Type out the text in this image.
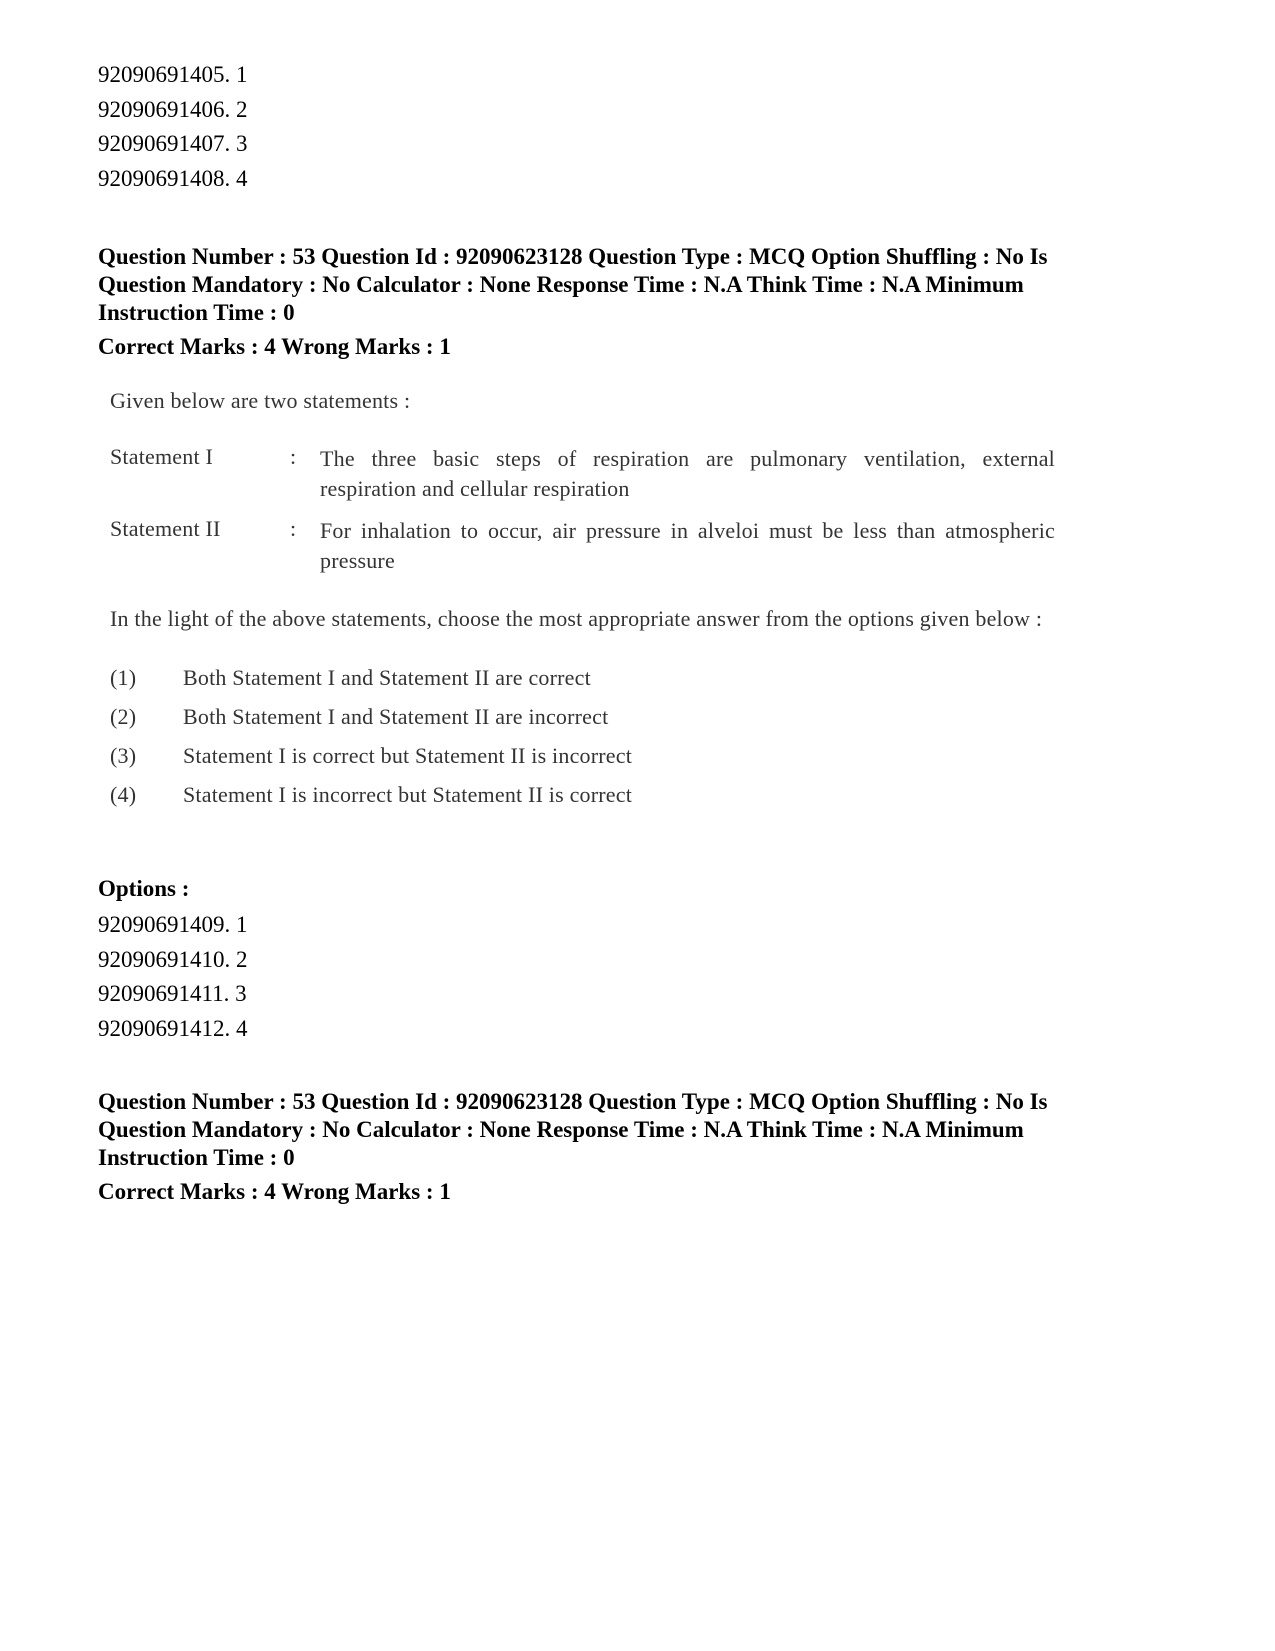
92090691405. 1
92090691406. 2
92090691407. 3
92090691408. 4
Question Number : 53 Question Id : 92090623128 Question Type : MCQ Option Shuffling : No Is
Question Mandatory : No Calculator : None Response Time : N.A Think Time : N.A Minimum
Instruction Time : 0
Correct Marks : 4 Wrong Marks : 1

Given below are two statements :

Statement I	:	The three basic steps of respiration are pulmonary ventilation, external respiration and cellular respiration
Statement II	:	For inhalation to occur, air pressure in alveloi must be less than atmospheric pressure
In the light of the above statements, choose the most appropriate answer from the options given below :
(1)	Both Statement I and Statement II are correct
(2)	Both Statement I and Statement II are incorrect
(3)	Statement I is correct but Statement II is incorrect
(4)	Statement I is incorrect but Statement II is correct
Options :
92090691409. 1
92090691410. 2
92090691411. 3
92090691412. 4
Question Number : 53 Question Id : 92090623128 Question Type : MCQ Option Shuffling : No Is
Question Mandatory : No Calculator : None Response Time : N.A Think Time : N.A Minimum
Instruction Time : 0
Correct Marks : 4 Wrong Marks : 1
